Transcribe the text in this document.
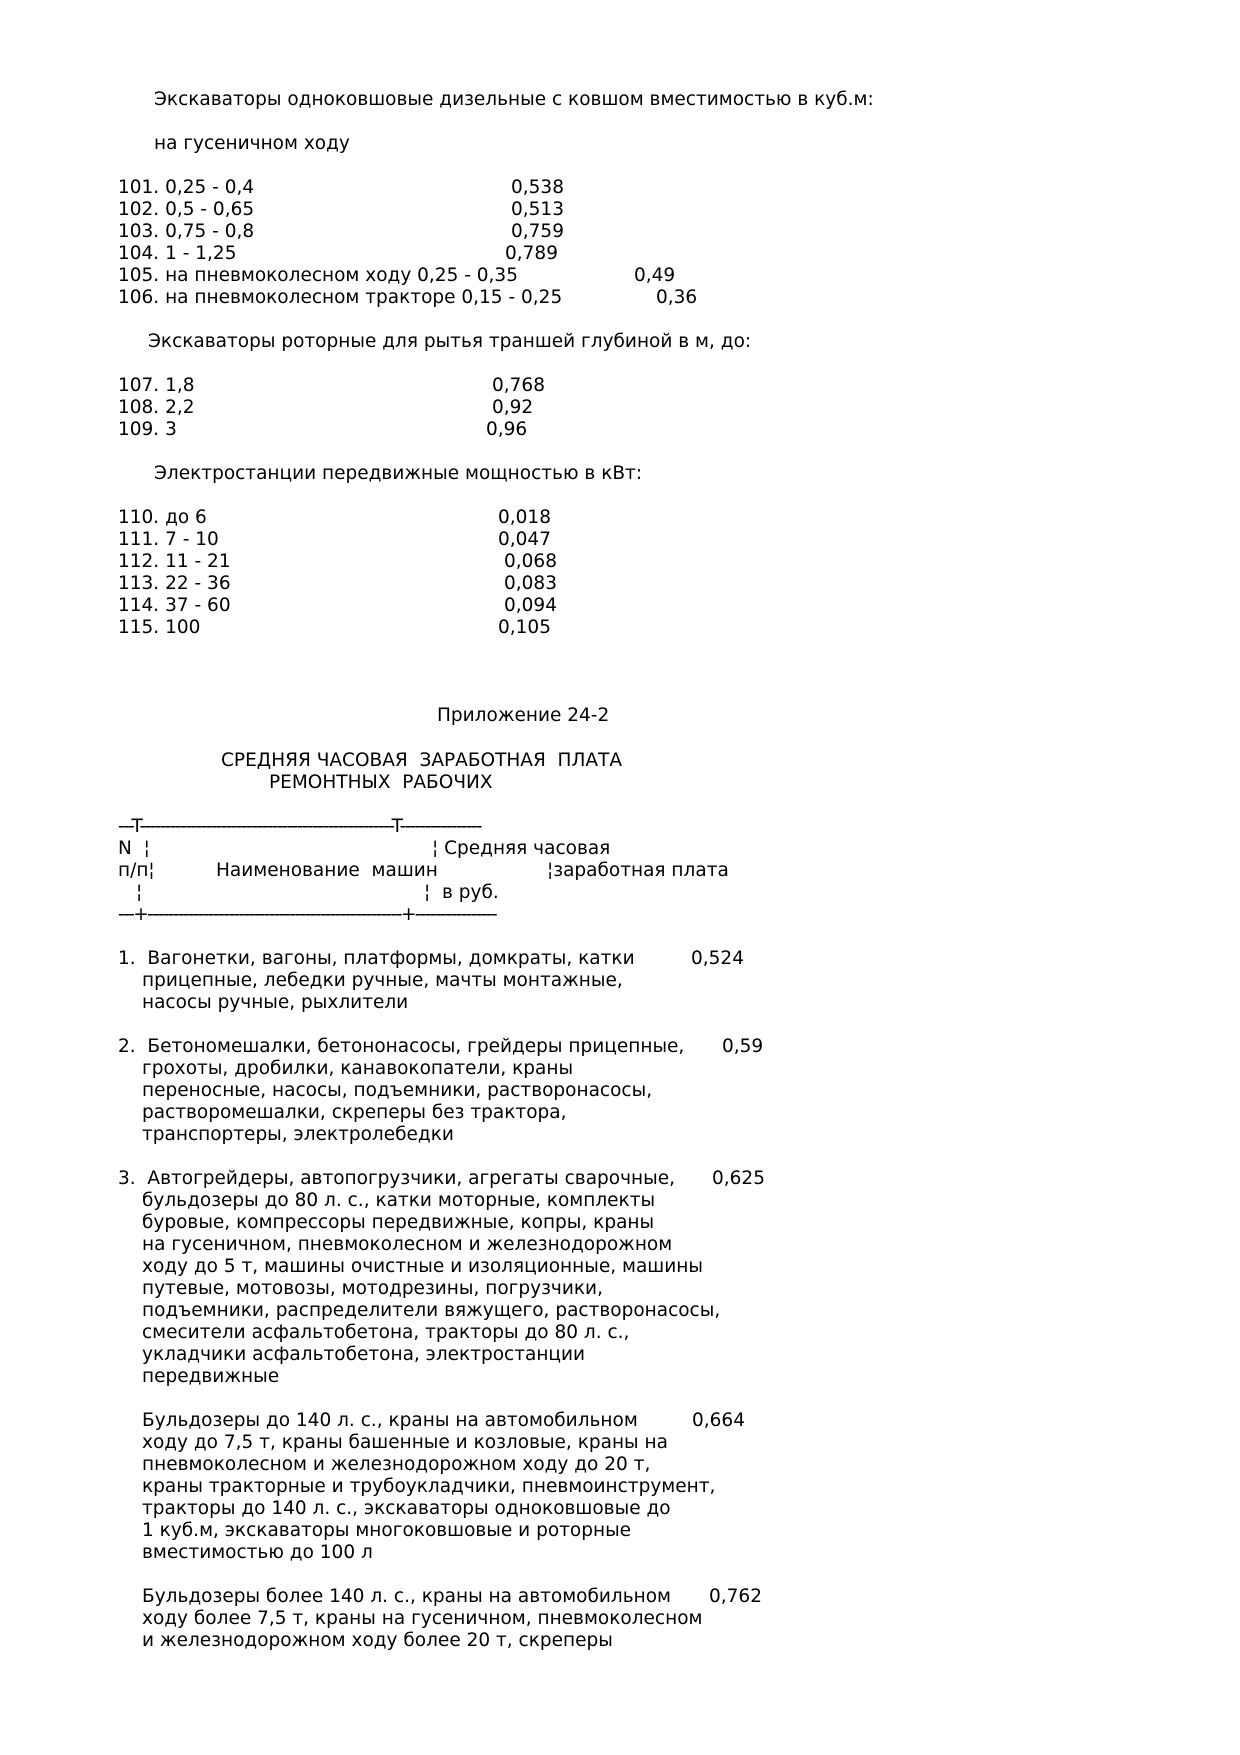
Экскаваторы одноковшовые дизельные с ковшом вместимостью в куб.м:
на гусеничном ходу
101. 0,25 - 0,4	0,538
102. 0,5 - 0,65	0,513
103. 0,75 - 0,8	0,759
104. 1 - 1,25	0,789
105. на пневмоколесном ходу 0,25 - 0,35	0,49
106. на пневмоколесном тракторе 0,15 - 0,25	0,36
Экскаваторы роторные для рытья траншей глубиной в м, до:
107. 1,8	0,768
108. 2,2	0,92
109. 3	0,96
Электростанции передвижные мощностью в кВт:
110. до 6	0,018
111. 7 - 10	0,047
112. 11 - 21	0,068
113. 22 - 36	0,083
114. 37 - 60	0,094
115. 100	0,105
Приложение 24-2
СРЕДНЯЯ ЧАСОВАЯ  ЗАРАБОТНАЯ  ПЛАТА
РЕМОНТНЫХ  РАБОЧИХ
---T--------------------------------------------------T----------------
N  ¦	¦ Средняя часовая
п/п¦	Наименование  машин	¦заработная плата
¦	¦  в руб.
---+--------------------------------------------------+----------------
1.  Вагонетки, вагоны, платформы, домкраты, катки
прицепные, лебедки ручные, мачты монтажные,
насосы ручные, рыхлители
0,524
2.  Бетономешалки, бетононасосы, грейдеры прицепные,
грохоты, дробилки, канавокопатели, краны
переносные, насосы, подъемники, растворонасосы,
растворомешалки, скреперы без трактора,
транспортеры, электролебедки
0,59
3.  Автогрейдеры, автопогрузчики, агрегаты сварочные,
бульдозеры до 80 л. с., катки моторные, комплекты
буровые, компрессоры передвижные, копры, краны
на гусеничном, пневмоколесном и железнодорожном
ходу до 5 т, машины очистные и изоляционные, машины
путевые, мотовозы, мотодрезины, погрузчики,
подъемники, распределители вяжущего, растворонасосы,
смесители асфальтобетона, тракторы до 80 л. с.,
укладчики асфальтобетона, электростанции
передвижные
0,625
Бульдозеры до 140 л. с., краны на автомобильном
ходу до 7,5 т, краны башенные и козловые, краны на
пневмоколесном и железнодорожном ходу до 20 т,
краны тракторные и трубоукладчики, пневмоинструмент,
тракторы до 140 л. с., экскаваторы одноковшовые до
1 куб.м, экскаваторы многоковшовые и роторные
вместимостью до 100 л
0,664
Бульдозеры более 140 л. с., краны на автомобильном
ходу более 7,5 т, краны на гусеничном, пневмоколесном
и железнодорожном ходу более 20 т, скреперы
0,762
